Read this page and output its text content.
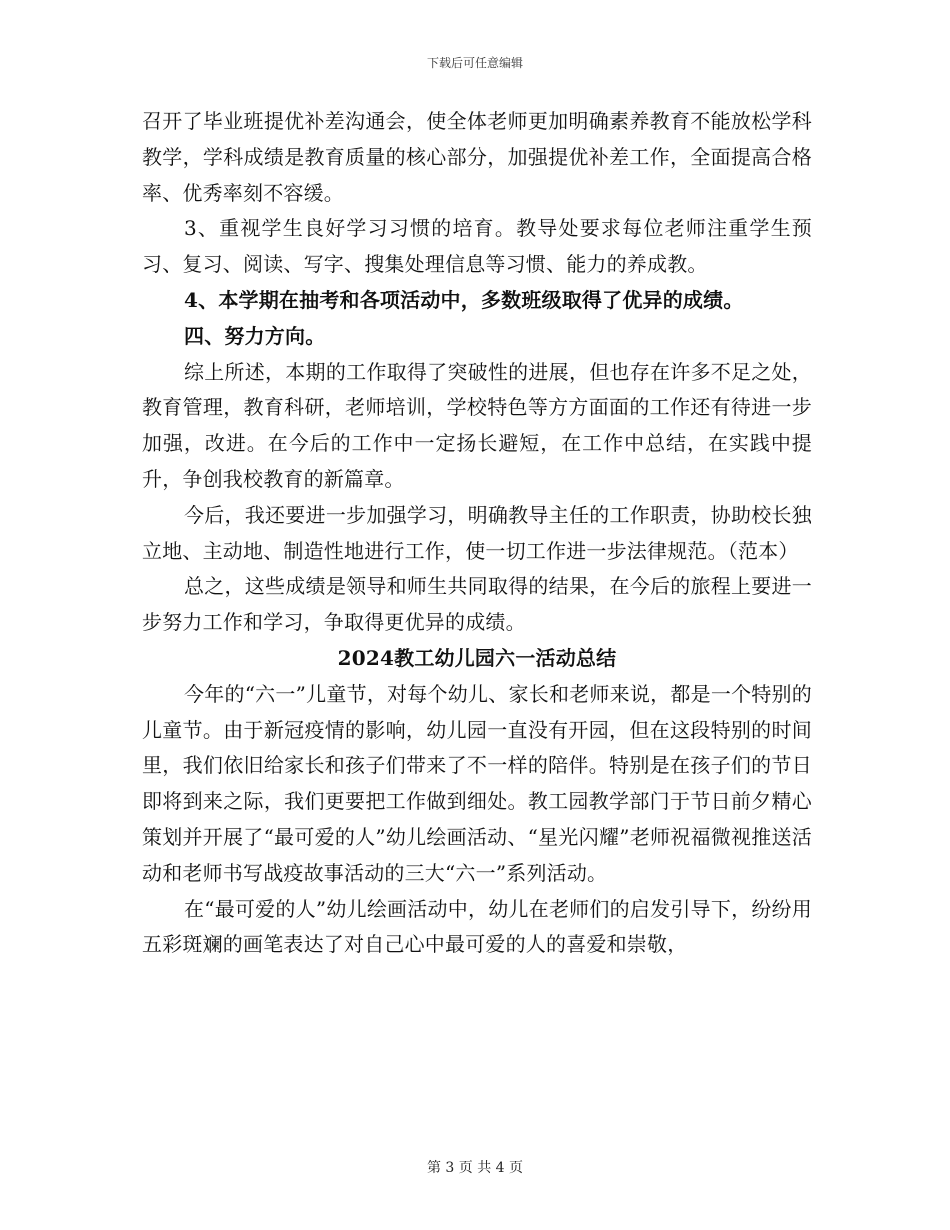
下载后可任意编辑

召开了毕业班提优补差沟通会，使全体老师更加明确素养教育不能放松学科教学，学科成绩是教育质量的核心部分，加强提优补差工作，全面提高合格率、优秀率刻不容缓。

3、重视学生良好学习习惯的培育。教导处要求每位老师注重学生预习、复习、阅读、写字、搜集处理信息等习惯、能力的养成教。

4、本学期在抽考和各项活动中，多数班级取得了优异的成绩。

四、努力方向。

综上所述，本期的工作取得了突破性的进展，但也存在许多不足之处，教育管理，教育科研，老师培训，学校特色等方方面面的工作还有待进一步加强，改进。在今后的工作中一定扬长避短，在工作中总结，在实践中提升，争创我校教育的新篇章。

今后，我还要进一步加强学习，明确教导主任的工作职责，协助校长独立地、主动地、制造性地进行工作，使一切工作进一步法律规范。（范本）

总之，这些成绩是领导和师生共同取得的结果，在今后的旅程上要进一步努力工作和学习，争取得更优异的成绩。

2024教工幼儿园六一活动总结

今年的“六一”儿童节，对每个幼儿、家长和老师来说，都是一个特别的儿童节。由于新冠疫情的影响，幼儿园一直没有开园，但在这段特别的时间里，我们依旧给家长和孩子们带来了不一样的陪伴。特别是在孩子们的节日即将到来之际，我们更要把工作做到细处。教工园教学部门于节日前夕精心策划并开展了“最可爱的人”幼儿绘画活动、“星光闪耀”老师祝福微视推送活动和老师书写战疫故事活动的三大“六一”系列活动。

在“最可爱的人”幼儿绘画活动中，幼儿在老师们的启发引导下，纷纷用五彩斑斓的画笔表达了对自己心中最可爱的人的喜爱和崇敬，

第 3 页 共 4 页
